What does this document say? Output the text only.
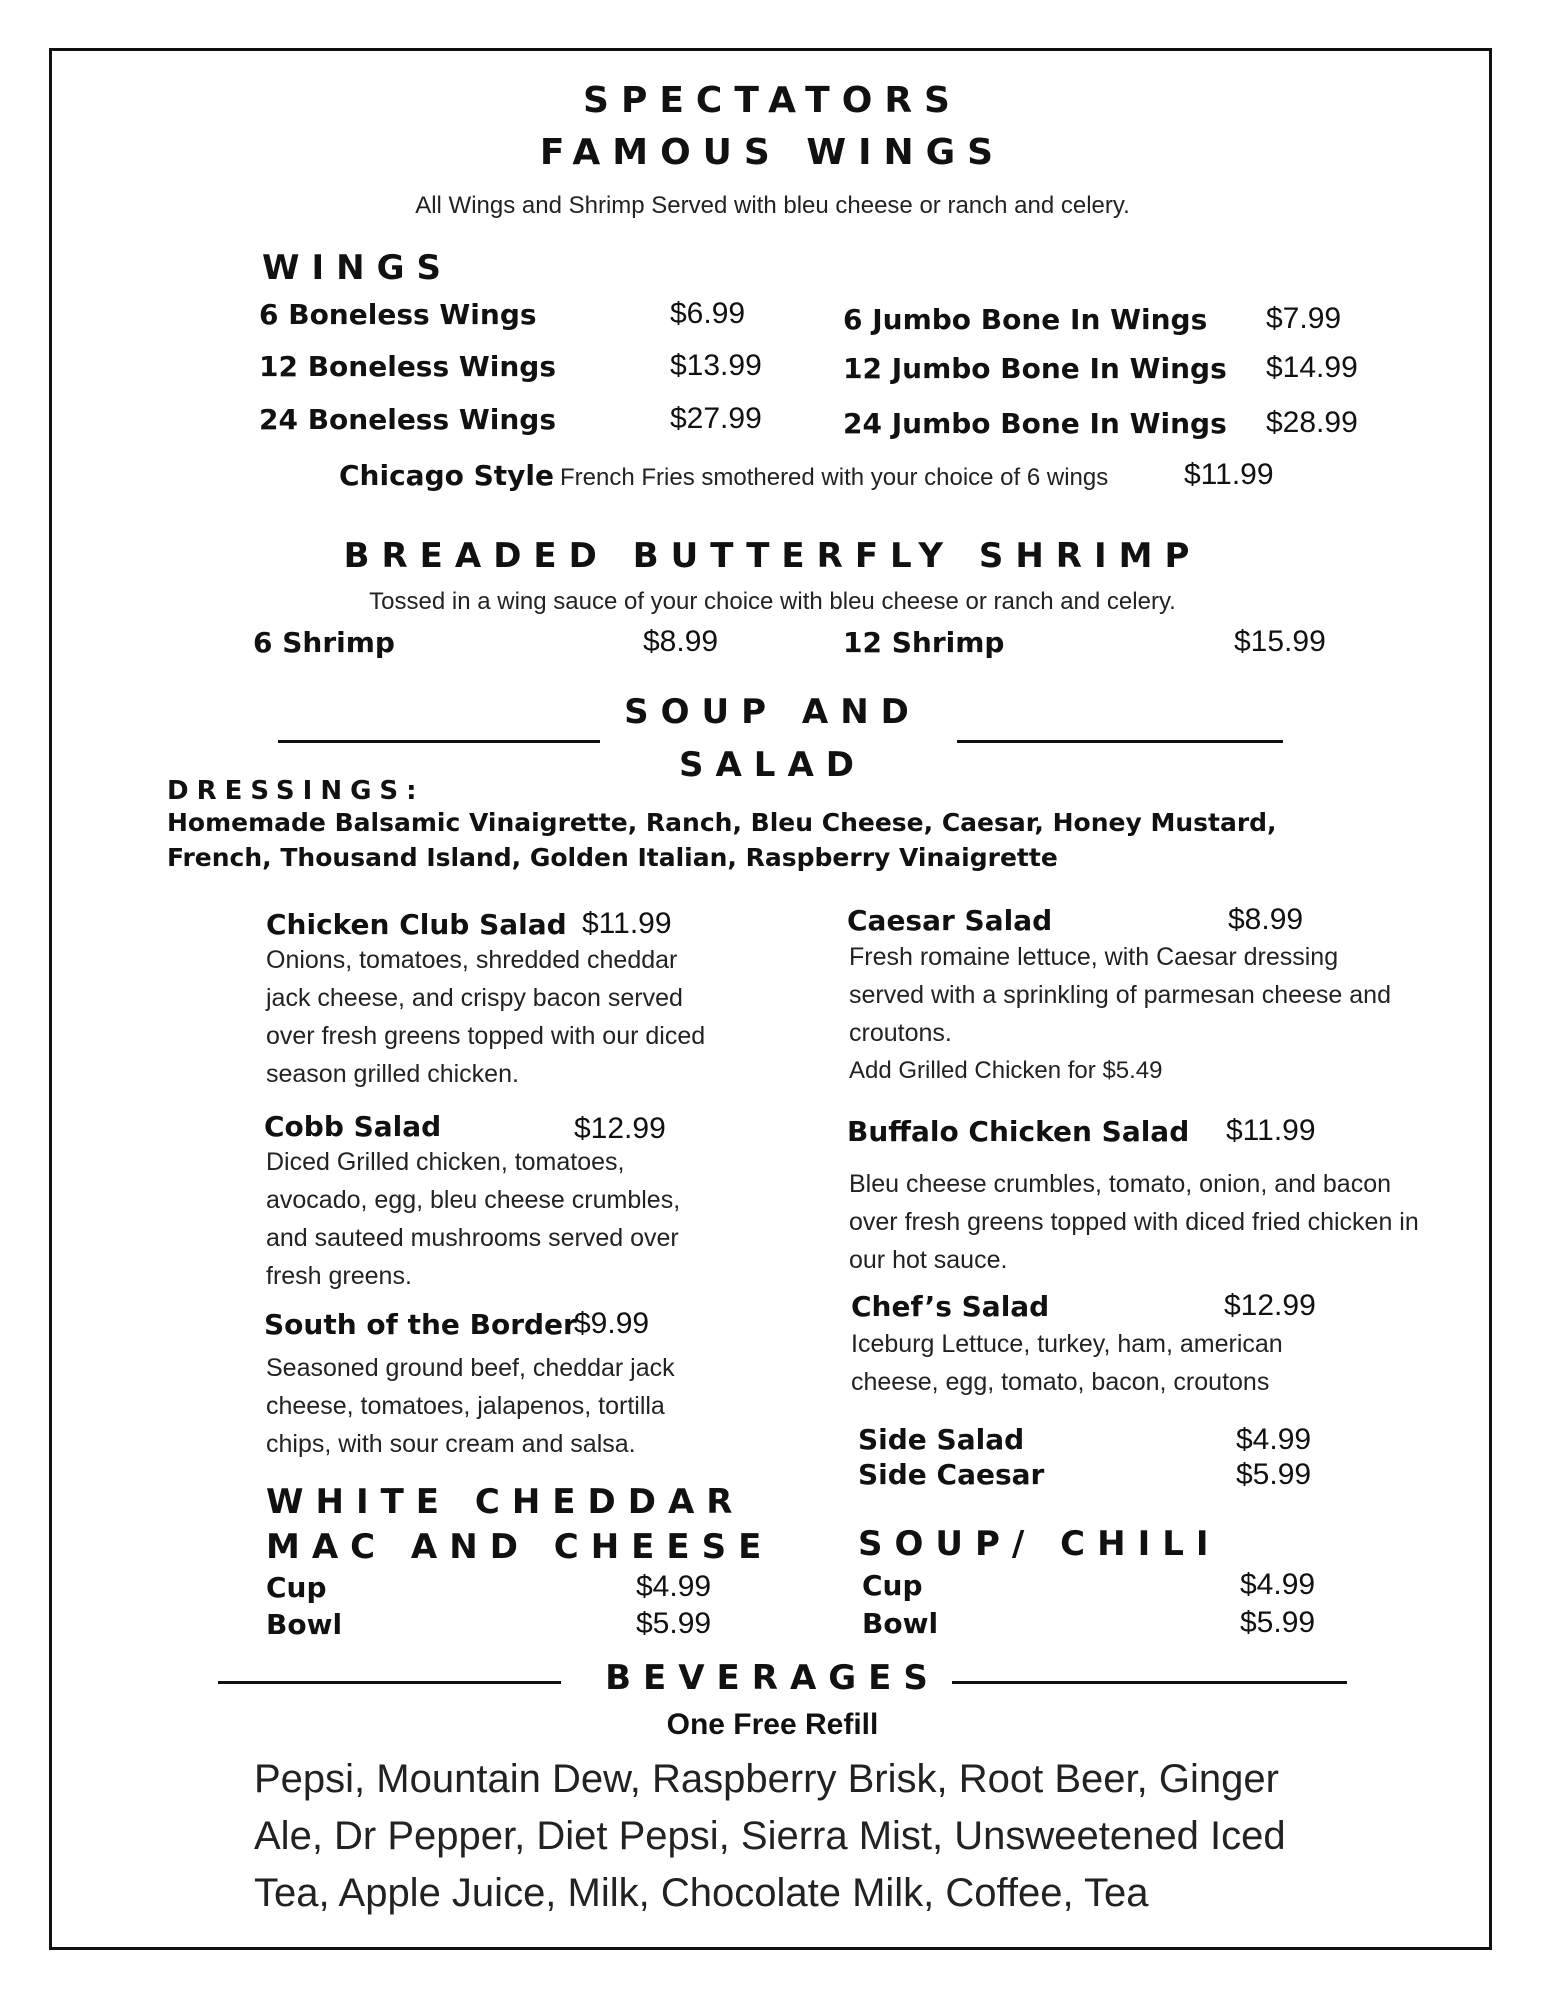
SPECTATORS
FAMOUS WINGS
All Wings and Shrimp Served with bleu cheese or ranch and celery.
WINGS
6 Boneless Wings	$6.99
12 Boneless Wings	$13.99
24 Boneless Wings	$27.99
6 Jumbo Bone In Wings $7.99
12 Jumbo Bone In Wings $14.99
24 Jumbo Bone In Wings $28.99
Chicago Style French Fries smothered with your choice of 6 wings	$11.99
BREADED BUTTERFLY SHRIMP
Tossed in a wing sauce of your choice with bleu cheese or ranch and celery.
6 Shrimp	$8.99	12 Shrimp	$15.99
SOUP AND
SALAD
DRESSINGS:
Homemade Balsamic Vinaigrette, Ranch, Bleu Cheese, Caesar, Honey Mustard,
French, Thousand Island, Golden Italian, Raspberry Vinaigrette
Chicken Club Salad $11.99
Onions, tomatoes, shredded cheddar jack cheese, and crispy bacon served over fresh greens topped with our diced season grilled chicken.
Cobb Salad	$12.99
Diced Grilled chicken, tomatoes, avocado, egg, bleu cheese crumbles, and sauteed mushrooms served over fresh greens.
South of the Border
$9.99
Seasoned ground beef, cheddar jack cheese, tomatoes, jalapenos, tortilla chips, with sour cream and salsa.
Caesar Salad	$8.99
Fresh romaine lettuce, with Caesar dressing served with a sprinkling of parmesan cheese and croutons.
Add Grilled Chicken for $5.49
Buffalo Chicken Salad $11.99
Bleu cheese crumbles, tomato, onion, and bacon over fresh greens topped with diced fried chicken in our hot sauce.
Chef’s Salad	$12.99
Iceburg Lettuce, turkey, ham, american cheese, egg, tomato, bacon, croutons
Side Salad	$4.99
Side Caesar	$5.99
WHITE CHEDDAR
MAC AND CHEESE
Cup	$4.99
Bowl	$5.99
SOUP/ CHILI
Cup	$4.99
Bowl	$5.99
BEVERAGES
One Free Refill
Pepsi, Mountain Dew, Raspberry Brisk, Root Beer, Ginger Ale, Dr Pepper, Diet Pepsi, Sierra Mist, Unsweetened Iced Tea, Apple Juice, Milk, Chocolate Milk, Coffee, Tea
